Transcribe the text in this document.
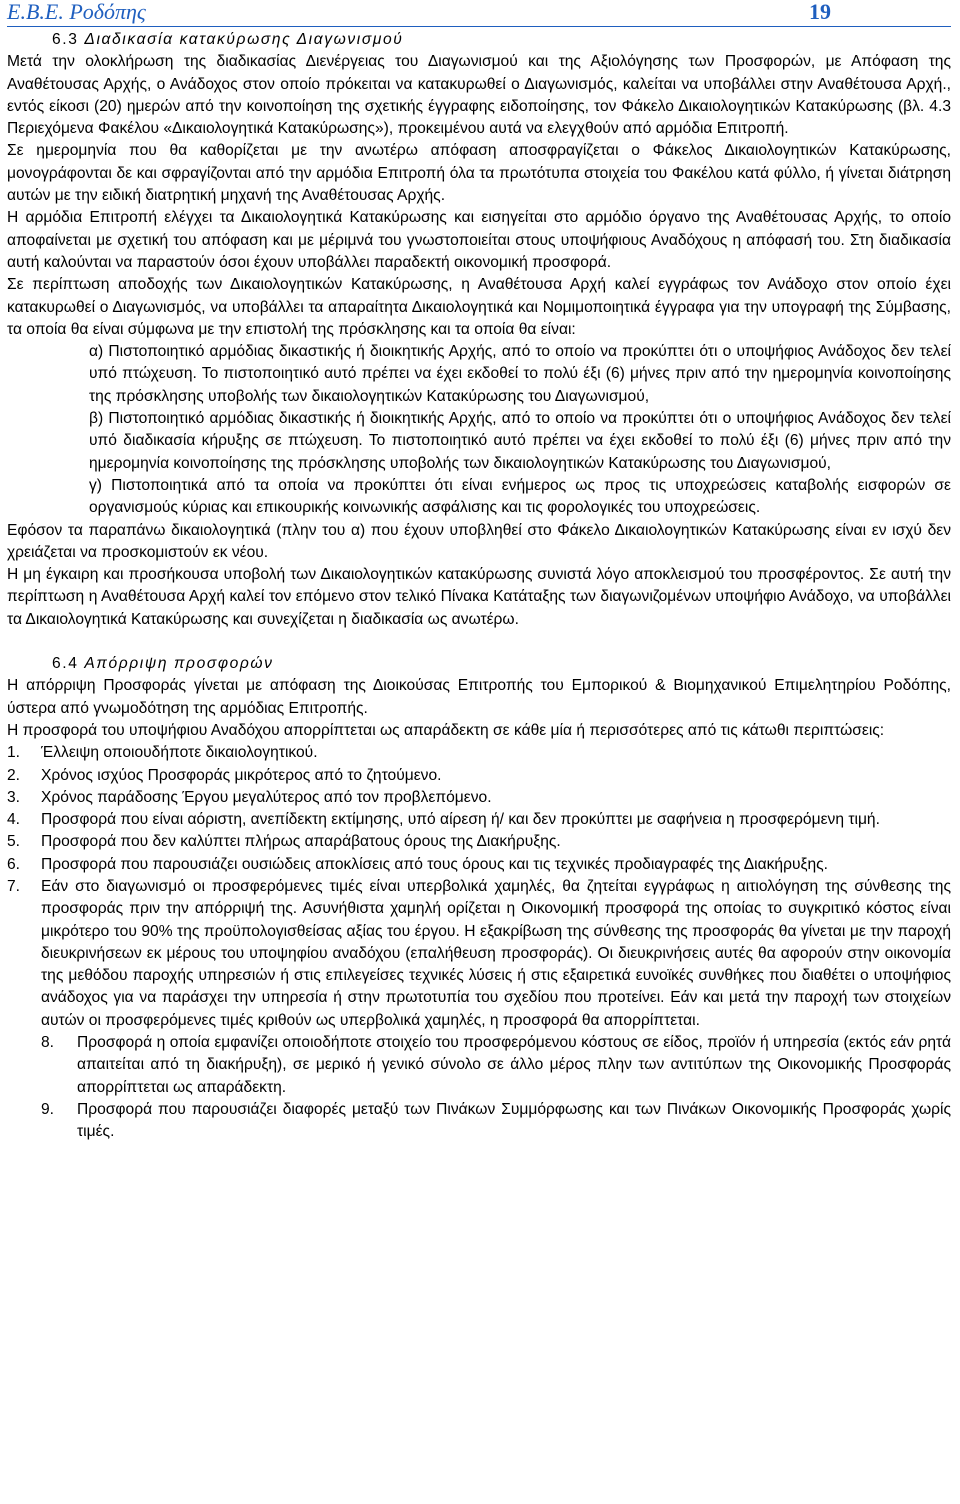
Ε.Β.Ε. Ροδόπης	19
6.3 Διαδικασία κατακύρωσης Διαγωνισμού

Μετά την ολοκλήρωση της διαδικασίας Διενέργειας του Διαγωνισμού και της Αξιολόγησης των Προσφορών, με Απόφαση της Αναθέτουσας Αρχής, ο Ανάδοχος στον οποίο πρόκειται να κατακυρωθεί ο Διαγωνισμός, καλείται να υποβάλλει στην Αναθέτουσα Αρχή., εντός είκοσι (20) ημερών από την κοινοποίηση της σχετικής έγγραφης ειδοποίησης, τον Φάκελο Δικαιολογητικών Κατακύρωσης (βλ. 4.3 Περιεχόμενα Φακέλου «Δικαιολογητικά Κατακύρωσης»), προκειμένου αυτά να ελεγχθούν από αρμόδια Επιτροπή.

Σε ημερομηνία που θα καθορίζεται με την ανωτέρω απόφαση αποσφραγίζεται ο Φάκελος Δικαιολογητικών Κατακύρωσης, μονογράφονται δε και σφραγίζονται από την αρμόδια Επιτροπή όλα τα πρωτότυπα στοιχεία του Φακέλου κατά φύλλο, ή γίνεται διάτρηση αυτών με την ειδική διατρητική μηχανή της Αναθέτουσας Αρχής.

Η αρμόδια Επιτροπή ελέγχει τα Δικαιολογητικά Κατακύρωσης και εισηγείται στο αρμόδιο όργανο της Αναθέτουσας Αρχής, το οποίο αποφαίνεται με σχετική του απόφαση και με μέριμνά του γνωστοποιείται στους υποψήφιους Αναδόχους η απόφασή του. Στη διαδικασία αυτή καλούνται να παραστούν όσοι έχουν υποβάλλει παραδεκτή οικονομική προσφορά.

Σε περίπτωση αποδοχής των Δικαιολογητικών Κατακύρωσης, η Αναθέτουσα Αρχή καλεί εγγράφως τον Ανάδοχο στον οποίο έχει κατακυρωθεί ο Διαγωνισμός, να υποβάλλει τα απαραίτητα Δικαιολογητικά και Νομιμοποιητικά έγγραφα για την υπογραφή της Σύμβασης, τα οποία θα είναι σύμφωνα με την επιστολή της πρόσκλησης και τα οποία θα είναι:

α) Πιστοποιητικό αρμόδιας δικαστικής ή διοικητικής Αρχής, από το οποίο να προκύπτει ότι ο υποψήφιος Ανάδοχος δεν τελεί υπό πτώχευση. Το πιστοποιητικό αυτό πρέπει να έχει εκδοθεί το πολύ έξι (6) μήνες πριν από την ημερομηνία κοινοποίησης της πρόσκλησης υποβολής των δικαιολογητικών Κατακύρωσης του Διαγωνισμού,

β) Πιστοποιητικό αρμόδιας δικαστικής ή διοικητικής Αρχής, από το οποίο να προκύπτει ότι ο υποψήφιος Ανάδοχος δεν τελεί υπό διαδικασία κήρυξης σε πτώχευση. Το πιστοποιητικό αυτό πρέπει να έχει εκδοθεί το πολύ έξι (6) μήνες πριν από την ημερομηνία κοινοποίησης της πρόσκλησης υποβολής των δικαιολογητικών Κατακύρωσης του Διαγωνισμού,

γ) Πιστοποιητικά από τα οποία να προκύπτει ότι είναι ενήμερος ως προς τις υποχρεώσεις καταβολής εισφορών σε οργανισμούς κύριας και επικουρικής κοινωνικής ασφάλισης και τις φορολογικές του υποχρεώσεις.

Εφόσον τα παραπάνω δικαιολογητικά (πλην του α) που έχουν υποβληθεί στο Φάκελο Δικαιολογητικών Κατακύρωσης είναι εν ισχύ δεν χρειάζεται να προσκομιστούν εκ νέου.

Η μη έγκαιρη και προσήκουσα υποβολή των Δικαιολογητικών κατακύρωσης συνιστά λόγο αποκλεισμού του προσφέροντος. Σε αυτή την περίπτωση η Αναθέτουσα Αρχή καλεί τον επόμενο στον τελικό Πίνακα Κατάταξης των διαγωνιζομένων υποψήφιο Ανάδοχο, να υποβάλλει τα Δικαιολογητικά Κατακύρωσης και συνεχίζεται η διαδικασία ως ανωτέρω.

6.4 Απόρριψη προσφορών

Η απόρριψη Προσφοράς γίνεται με απόφαση της Διοικούσας Επιτροπής του Εμπορικού & Βιομηχανικού Επιμελητηρίου Ροδόπης, ύστερα από γνωμοδότηση της αρμόδιας Επιτροπής.

Η προσφορά του υποψήφιου Αναδόχου απορρίπτεται ως απαράδεκτη σε κάθε μία ή περισσότερες από τις κάτωθι περιπτώσεις:

1. Έλλειψη οποιουδήποτε δικαιολογητικού.
2. Χρόνος ισχύος Προσφοράς μικρότερος από το ζητούμενο.
3. Χρόνος παράδοσης Έργου μεγαλύτερος από τον προβλεπόμενο.
4. Προσφορά που είναι αόριστη, ανεπίδεκτη εκτίμησης, υπό αίρεση ή/ και δεν προκύπτει με σαφήνεια η προσφερόμενη τιμή.
5. Προσφορά που δεν καλύπτει πλήρως απαράβατους όρους της Διακήρυξης.
6. Προσφορά που παρουσιάζει ουσιώδεις αποκλίσεις από τους όρους και τις τεχνικές προδιαγραφές της Διακήρυξης.
7. Εάν στο διαγωνισμό οι προσφερόμενες τιμές είναι υπερβολικά χαμηλές, θα ζητείται εγγράφως η αιτιολόγηση της σύνθεσης της προσφοράς πριν την απόρριψή της. Ασυνήθιστα χαμηλή ορίζεται η Οικονομική προσφορά της οποίας το συγκριτικό κόστος είναι μικρότερο του 90% της προϋπολογισθείσας αξίας του έργου. Η εξακρίβωση της σύνθεσης της προσφοράς θα γίνεται με την παροχή διευκρινήσεων εκ μέρους του υποψηφίου αναδόχου (επαλήθευση προσφοράς). Οι διευκρινήσεις αυτές θα αφορούν στην οικονομία της μεθόδου παροχής υπηρεσιών ή στις επιλεγείσες τεχνικές λύσεις ή στις εξαιρετικά ευνοϊκές συνθήκες που διαθέτει ο υποψήφιος ανάδοχος για να παράσχει την υπηρεσία ή στην πρωτοτυπία του σχεδίου που προτείνει. Εάν και μετά την παροχή των στοιχείων αυτών οι προσφερόμενες τιμές κριθούν ως υπερβολικά χαμηλές, η προσφορά θα απορρίπτεται.
8. Προσφορά η οποία εμφανίζει οποιοδήποτε στοιχείο του προσφερόμενου κόστους σε είδος, προϊόν ή υπηρεσία (εκτός εάν ρητά απαιτείται από τη διακήρυξη), σε μερικό ή γενικό σύνολο σε άλλο μέρος πλην των αντιτύπων της Οικονομικής Προσφοράς απορρίπτεται ως απαράδεκτη.
9. Προσφορά που παρουσιάζει διαφορές μεταξύ των Πινάκων Συμμόρφωσης και των Πινάκων Οικονομικής Προσφοράς χωρίς τιμές.
